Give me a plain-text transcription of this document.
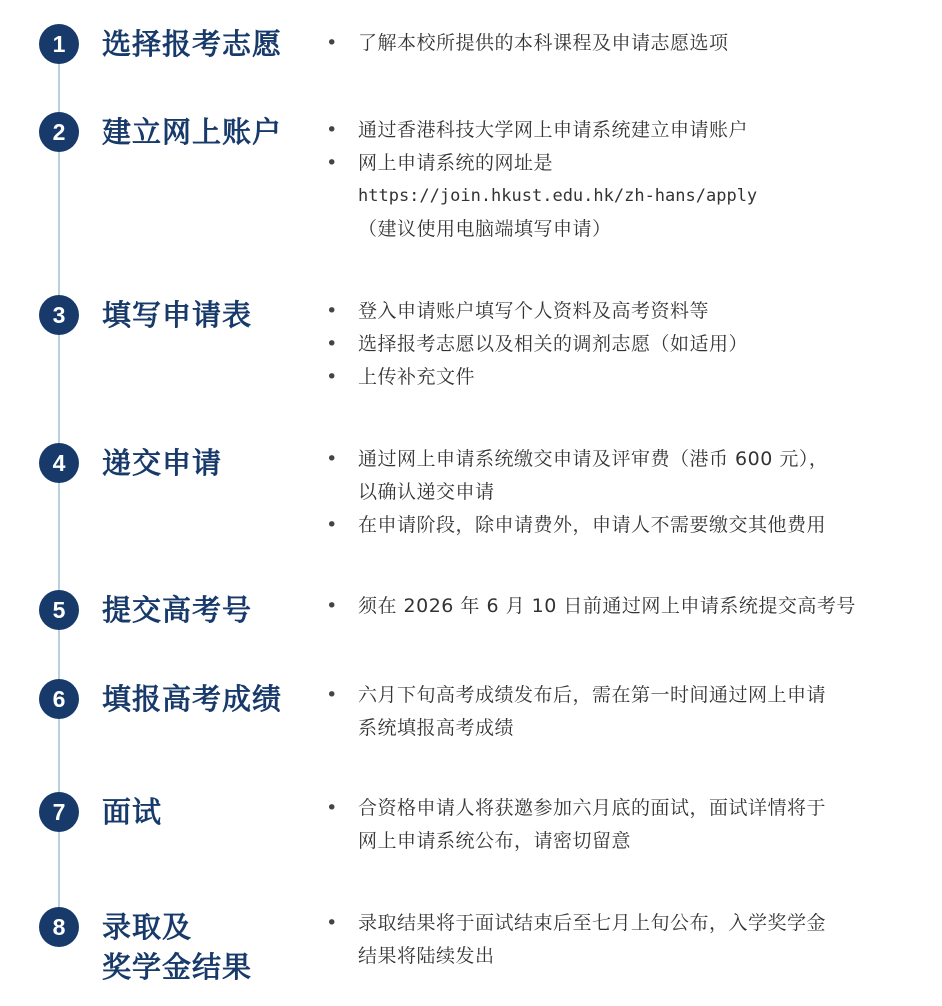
1	选择报考志愿 • 了解本校所提供的本科课程及申请志愿选项
2	建立网上账户 • 通过香港科技大学网上申请系统建立申请账户
• 网上申请系统的网址是
https://join.hkust.edu.hk/zh-hans/apply
（建议使用电脑端填写申请）
3	填写申请表	• 登入申请账户填写个人资料及高考资料等
• 选择报考志愿以及相关的调剂志愿（如适用）
• 上传补充文件
4	递交申请	• 通过网上申请系统缴交申请及评审费（港币 600 元），
以确认递交申请
• 在申请阶段，除申请费外，申请人不需要缴交其他费用
5	提交高考号	• 须在 2026 年 6 月 10 日前通过网上申请系统提交高考号
6	填报高考成绩 • 六月下旬高考成绩发布后，需在第一时间通过网上申请
系统填报高考成绩
7	面试	• 合资格申请人将获邀参加六月底的面试，面试详情将于
网上申请系统公布，请密切留意
8	录取及
奖学金结果
• 录取结果将于面试结束后至七月上旬公布，入学奖学金
结果将陆续发出
